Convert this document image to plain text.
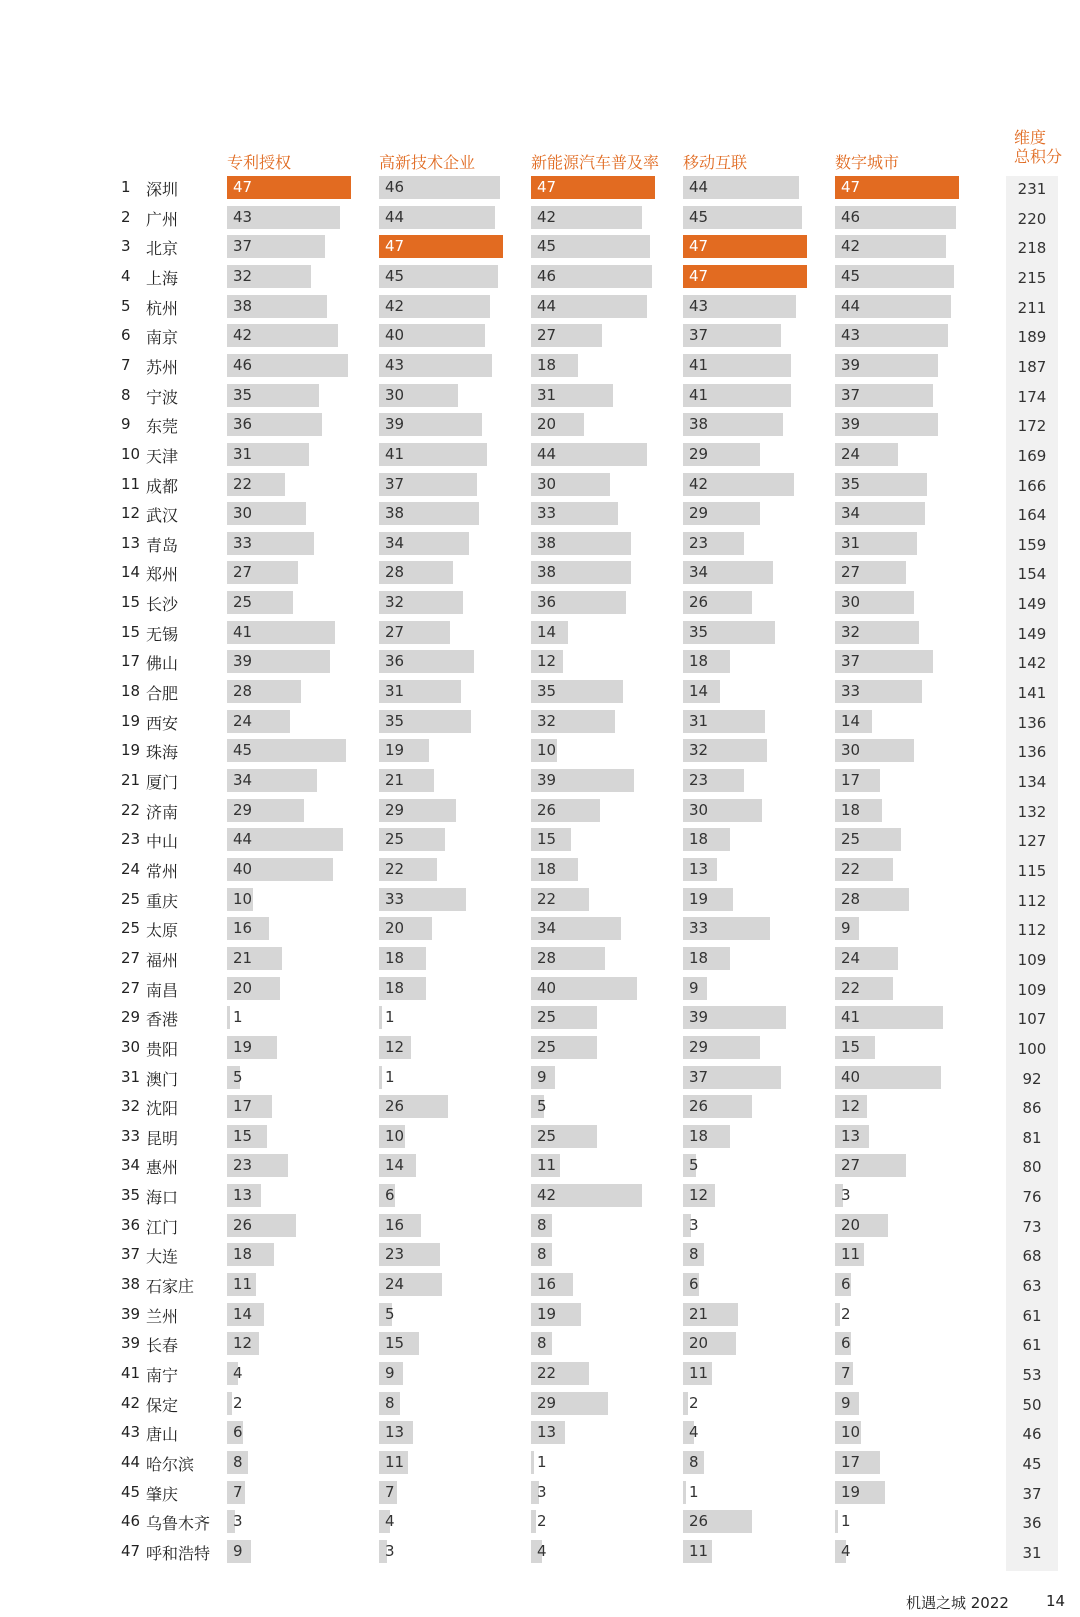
维度
总积分
专利授权	高新技术企业	新能源汽车普及率 移动互联	数字城市
1 深圳	47	46	47	44	47	231
2 广州	43	44	42	45	46	220
3 北京	37	47	45	47	42	218
4 上海	32	45	46	47	45	215
5 杭州	38	42	44	43	44	211
6 南京	42	40	27	37	43	189
7 苏州	46	43	18	41	39	187
8 宁波	35	30	31	41	37	174
9 东莞	36	39	20	38	39	172
10 天津	31	41	44	29	24	169
11 成都	22	37	30	42	35	166
12 武汉	30	38	33	29	34	164
13 青岛	33	34	38	23	31	159
14 郑州	27	28	38	34	27	154
15 长沙	25	32	36	26	30	149
15 无锡	41	27	14	35	32	149
17 佛山	39	36	12	18	37	142
18 合肥	28	31	35	14	33	141
19 西安	24	35	32	31	14	136
19 珠海	45	19	10	32	30	136
21 厦门	34	21	39	23	17	134
22 济南	29	29	26	30	18	132
23 中山	44	25	15	18	25	127
24 常州	40	22	18	13	22	115
25 重庆	10	33	22	19	28	112
25 太原	16	20	34	33	9	112
27 福州	21	18	28	18	24	109
27 南昌	20	18	40	9	22	109
29 香港	1	1	25	39	41	107
30 贵阳	19	12	25	29	15	100
31 澳门	5	1	9	37	40	92
32 沈阳	17	26	5	26	12	86
33 昆明	15	10	25	18	13	81
34 惠州	23	14	11	5	27	80
35 海口	13	6	42	12	3	76
36 江门	26	16	8	3	20	73
37 大连	18	23	8	8	11	68
38 石家庄	11	24	16	6	6	63
39 兰州	14	5	19	21	2	61
39 长春	12	15	8	20	6	61
41 南宁	4	9	22	11	7	53
42 保定	2	8	29	2	9	50
43 唐山	6	13	13	4	10	46
44 哈尔滨	8	11	1	8	17	45
45 肇庆	7	7	3	1	19	37
46 乌鲁木齐 3	4	2	26	1	36
47 呼和浩特 9	3	4	11	4	31
机遇之城 2022 14
